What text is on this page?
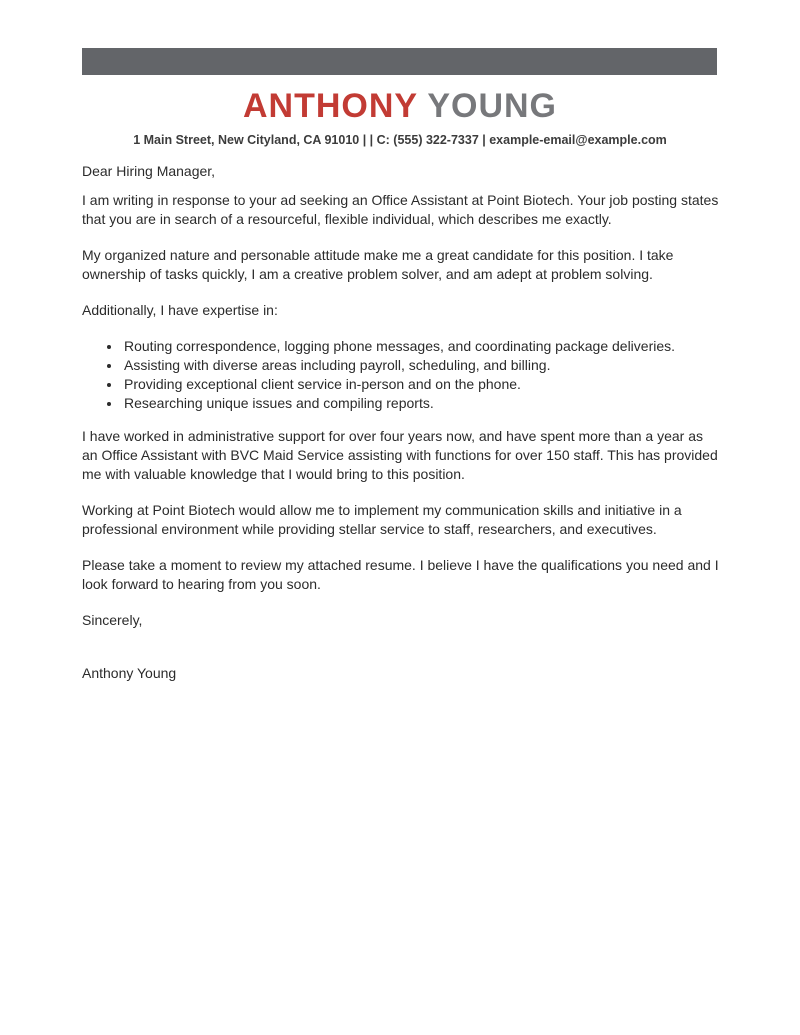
ANTHONY YOUNG
1 Main Street, New Cityland, CA 91010 | | C: (555) 322-7337 | example-email@example.com

Dear Hiring Manager,

I am writing in response to your ad seeking an Office Assistant at Point Biotech. Your job posting states that you are in search of a resourceful, flexible individual, which describes me exactly.

My organized nature and personable attitude make me a great candidate for this position. I take ownership of tasks quickly, I am a creative problem solver, and am adept at problem solving.

Additionally, I have expertise in:

• Routing correspondence, logging phone messages, and coordinating package deliveries.
• Assisting with diverse areas including payroll, scheduling, and billing.
• Providing exceptional client service in-person and on the phone.
• Researching unique issues and compiling reports.

I have worked in administrative support for over four years now, and have spent more than a year as an Office Assistant with BVC Maid Service assisting with functions for over 150 staff. This has provided me with valuable knowledge that I would bring to this position.

Working at Point Biotech would allow me to implement my communication skills and initiative in a professional environment while providing stellar service to staff, researchers, and executives.

Please take a moment to review my attached resume. I believe I have the qualifications you need and I look forward to hearing from you soon.

Sincerely,

Anthony Young
